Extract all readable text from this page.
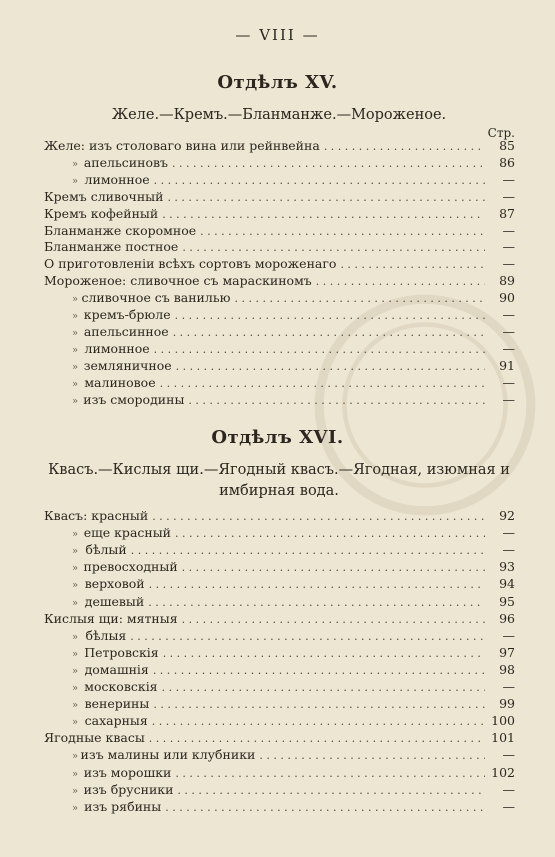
— VIII —
Отдѣлъ XV.
Желе.—Кремъ.—Бланманже.—Мороженое.
Стр.
Желе: изъ столоваго вина или рейнвейна . . .	85
» апельсиновъ . . .	86
» лимонное . . .	—
Кремъ сливочный . . .	—
Кремъ кофейный . . .	87
Бланманже скоромное . . .	—
Бланманже постное . . .	—
О приготовленіи всѣхъ сортовъ мороженаго . . .	—
Мороженое: сливочное съ мараскиномъ . . .	89
» сливочное съ ванилью . . .	90
» кремъ-брюле . . .	—
» апельсинное . . .	—
» лимонное . . .	—
» земляничное . . .	91
» малиновое . . .	—
» изъ смородины . . .	—
Отдѣлъ XVI.
Квасъ.—Кислыя щи.—Ягодный квасъ.—Ягодная, изюмная и имбирная вода.
Квасъ: красный . . .	92
» еще красный . . .	—
» бѣлый . . .	—
» превосходный . . .	93
» верховой . . .	94
» дешевый . . .	95
Кислыя щи: мятныя . . .	96
» бѣлыя . . .	—
» Петровскія . . .	97
» домашнія . . .	98
» московскія . . .	—
» венерины . . .	99
» сахарныя . . .	100
Ягодные квасы . . .	101
» изъ малины или клубники . . .	—
» изъ морошки . . .	102
» изъ брусники . . .	—
» изъ рябины . . .	—
